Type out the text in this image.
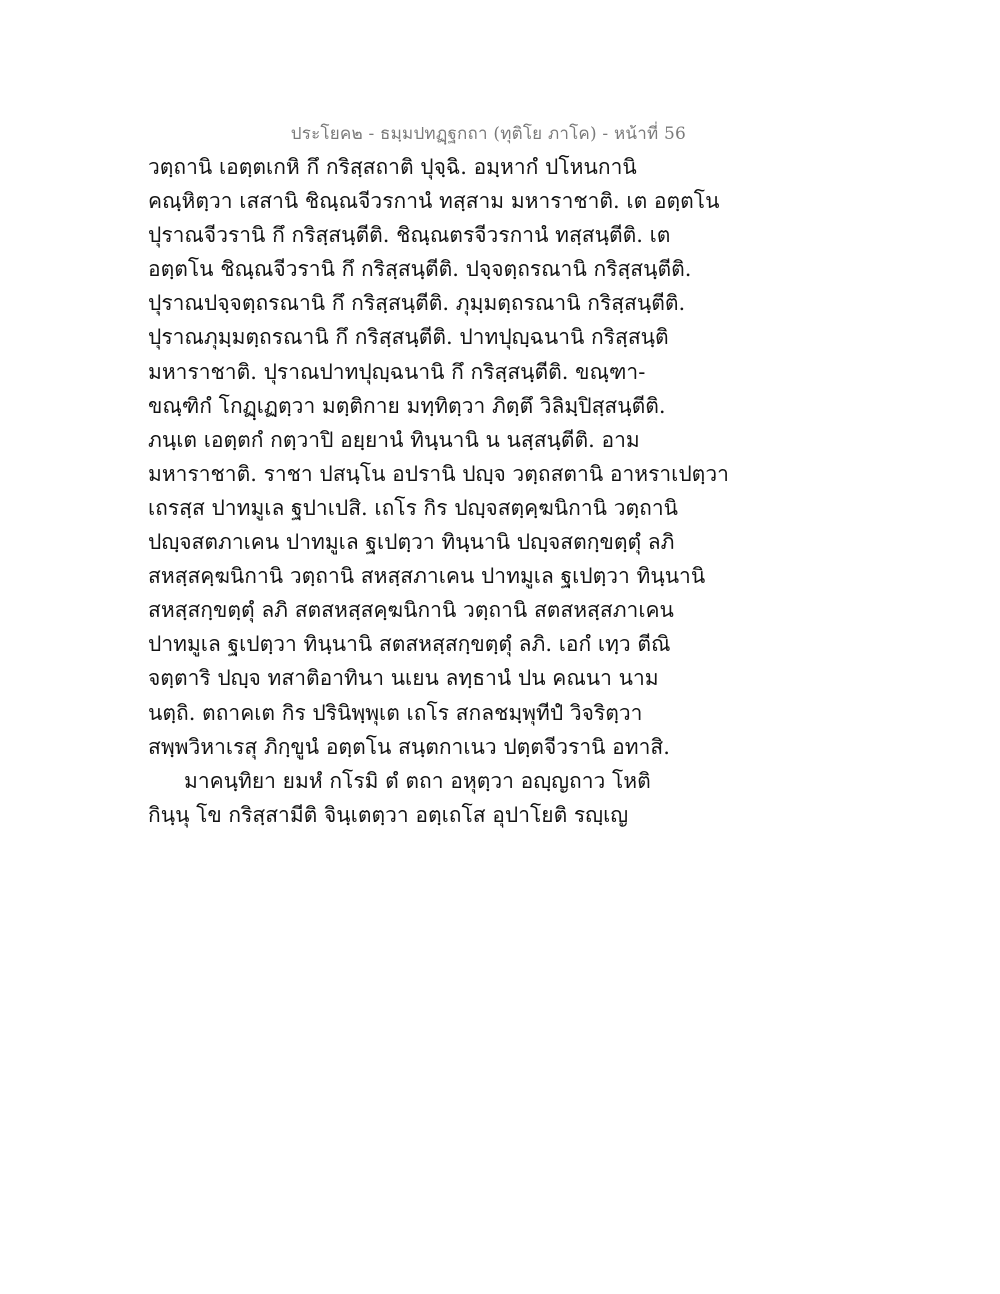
ประโยค๒ - ธมฺมปทฏฺฐกถา (ทุติโย ภาโค) - หน้าที่ 56
วตฺถานิ เอตฺตเกหิ กึ กริสฺสถาติ ปุจฺฉิ. อมฺหากํ ปโหนกานิ
คณฺหิตฺวา เสสานิ ชิณฺณจีวรกานํ ทสฺสาม มหาราชาติ. เต อตฺตโน
ปุราณจีวรานิ กึ กริสฺสนฺตีติ. ชิณฺณตรจีวรกานํ ทสฺสนฺตีติ. เต
อตฺตโน ชิณฺณจีวรานิ กึ กริสฺสนฺตีติ. ปจฺจตฺถรณานิ กริสฺสนฺตีติ.
ปุราณปจฺจตฺถรณานิ กึ กริสฺสนฺตีติ. ภุมฺมตฺถรณานิ กริสฺสนฺตีติ.
ปุราณภุมฺมตฺถรณานิ กึ กริสฺสนฺตีติ. ปาทปุญฺฉนานิ กริสฺสนฺติ
มหาราชาติ. ปุราณปาทปุญฺฉนานิ กึ กริสฺสนฺตีติ. ขณฺฑา-
ขณฺฑิกํ โกฏฺเฏตฺวา มตฺติกาย มทฺทิตฺวา ภิตฺตึ วิลิมฺปิสฺสนฺตีติ.
ภนฺเต เอตฺตกํ กตฺวาปิ อยฺยานํ ทินฺนานิ น นสฺสนฺตีติ. อาม
มหาราชาติ. ราชา ปสนฺโน อปรานิ ปญฺจ วตฺถสตานิ อาหราเปตฺวา
เถรสฺส ปาทมูเล ฐปาเปสิ. เถโร กิร ปญฺจสตฺคฺฆนิกานิ วตฺถานิ
ปญฺจสตภาเคน ปาทมูเล ฐเปตฺวา ทินฺนานิ ปญฺจสตกฺขตฺตุํ ลภิ
สหสฺสคฺฆนิกานิ วตฺถานิ สหสฺสภาเคน ปาทมูเล ฐเปตฺวา ทินฺนานิ
สหสฺสกฺขตฺตุํ ลภิ สตสหสฺสคฺฆนิกานิ วตฺถานิ สตสหสฺสภาเคน
ปาทมูเล ฐเปตฺวา ทินฺนานิ สตสหสฺสกฺขตฺตุํ ลภิ. เอกํ เทฺว ตีณิ
จตฺตาริ ปญฺจ ทสาติอาทินา นเยน ลทฺธานํ ปน คณนา นาม
นตฺถิ. ตถาคเต กิร ปรินิพฺพุเต เถโร สกลชมฺพุทีปํ วิจริตฺวา
สพฺพวิหาเรสุ ภิกฺขูนํ อตฺตโน สนฺตกาเนว ปตฺตจีวรานิ อทาสิ.
มาคนฺทิยา ยมหํ กโรมิ ตํ ตถา อหุตฺวา อญฺญถาว โหติ
กินฺนุ โข กริสฺสามีติ จินฺเตตฺวา อตฺเถโส อุปาโยติ รญฺเญ
